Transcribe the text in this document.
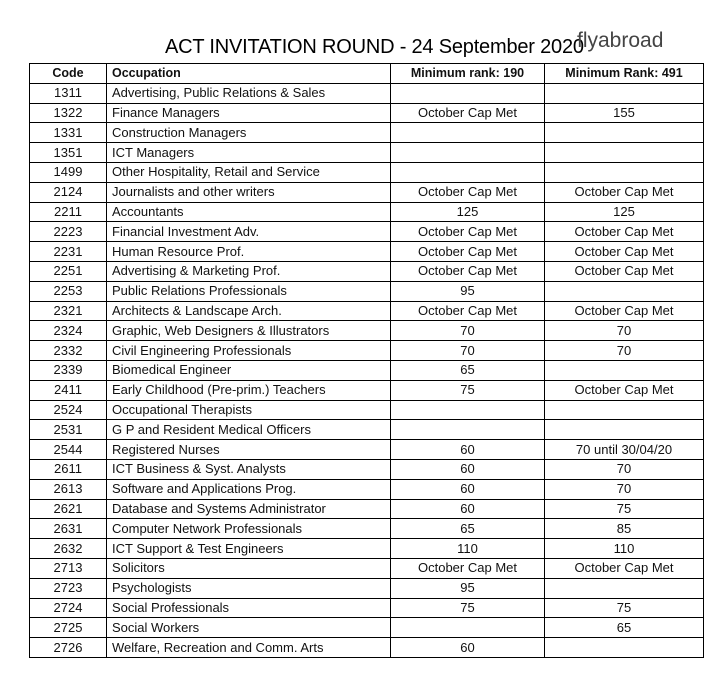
ACT INVITATION ROUND - 24 September 2020
flyabroad
Code	Occupation	Minimum rank: 190	Minimum Rank: 491
1311	Advertising, Public Relations & Sales		
1322	Finance Managers	October Cap Met	155
1331	Construction Managers		
1351	ICT Managers		
1499	Other Hospitality, Retail and Service		
2124	Journalists and other writers	October Cap Met	October Cap Met
2211	Accountants	125	125
2223	Financial Investment Adv.	October Cap Met	October Cap Met
2231	Human Resource Prof.	October Cap Met	October Cap Met
2251	Advertising & Marketing Prof.	October Cap Met	October Cap Met
2253	Public Relations Professionals	95	
2321	Architects & Landscape Arch.	October Cap Met	October Cap Met
2324	Graphic, Web Designers & Illustrators	70	70
2332	Civil Engineering Professionals	70	70
2339	Biomedical Engineer	65	
2411	Early Childhood (Pre-prim.) Teachers	75	October Cap Met
2524	Occupational Therapists		
2531	G P and Resident Medical Officers		
2544	Registered Nurses	60	70 until 30/04/20
2611	ICT Business & Syst. Analysts	60	70
2613	Software and Applications Prog.	60	70
2621	Database and Systems Administrator	60	75
2631	Computer Network Professionals	65	85
2632	ICT Support & Test Engineers	110	110
2713	Solicitors	October Cap Met	October Cap Met
2723	Psychologists	95	
2724	Social Professionals	75	75
2725	Social Workers		65
2726	Welfare, Recreation and Comm. Arts	60	
